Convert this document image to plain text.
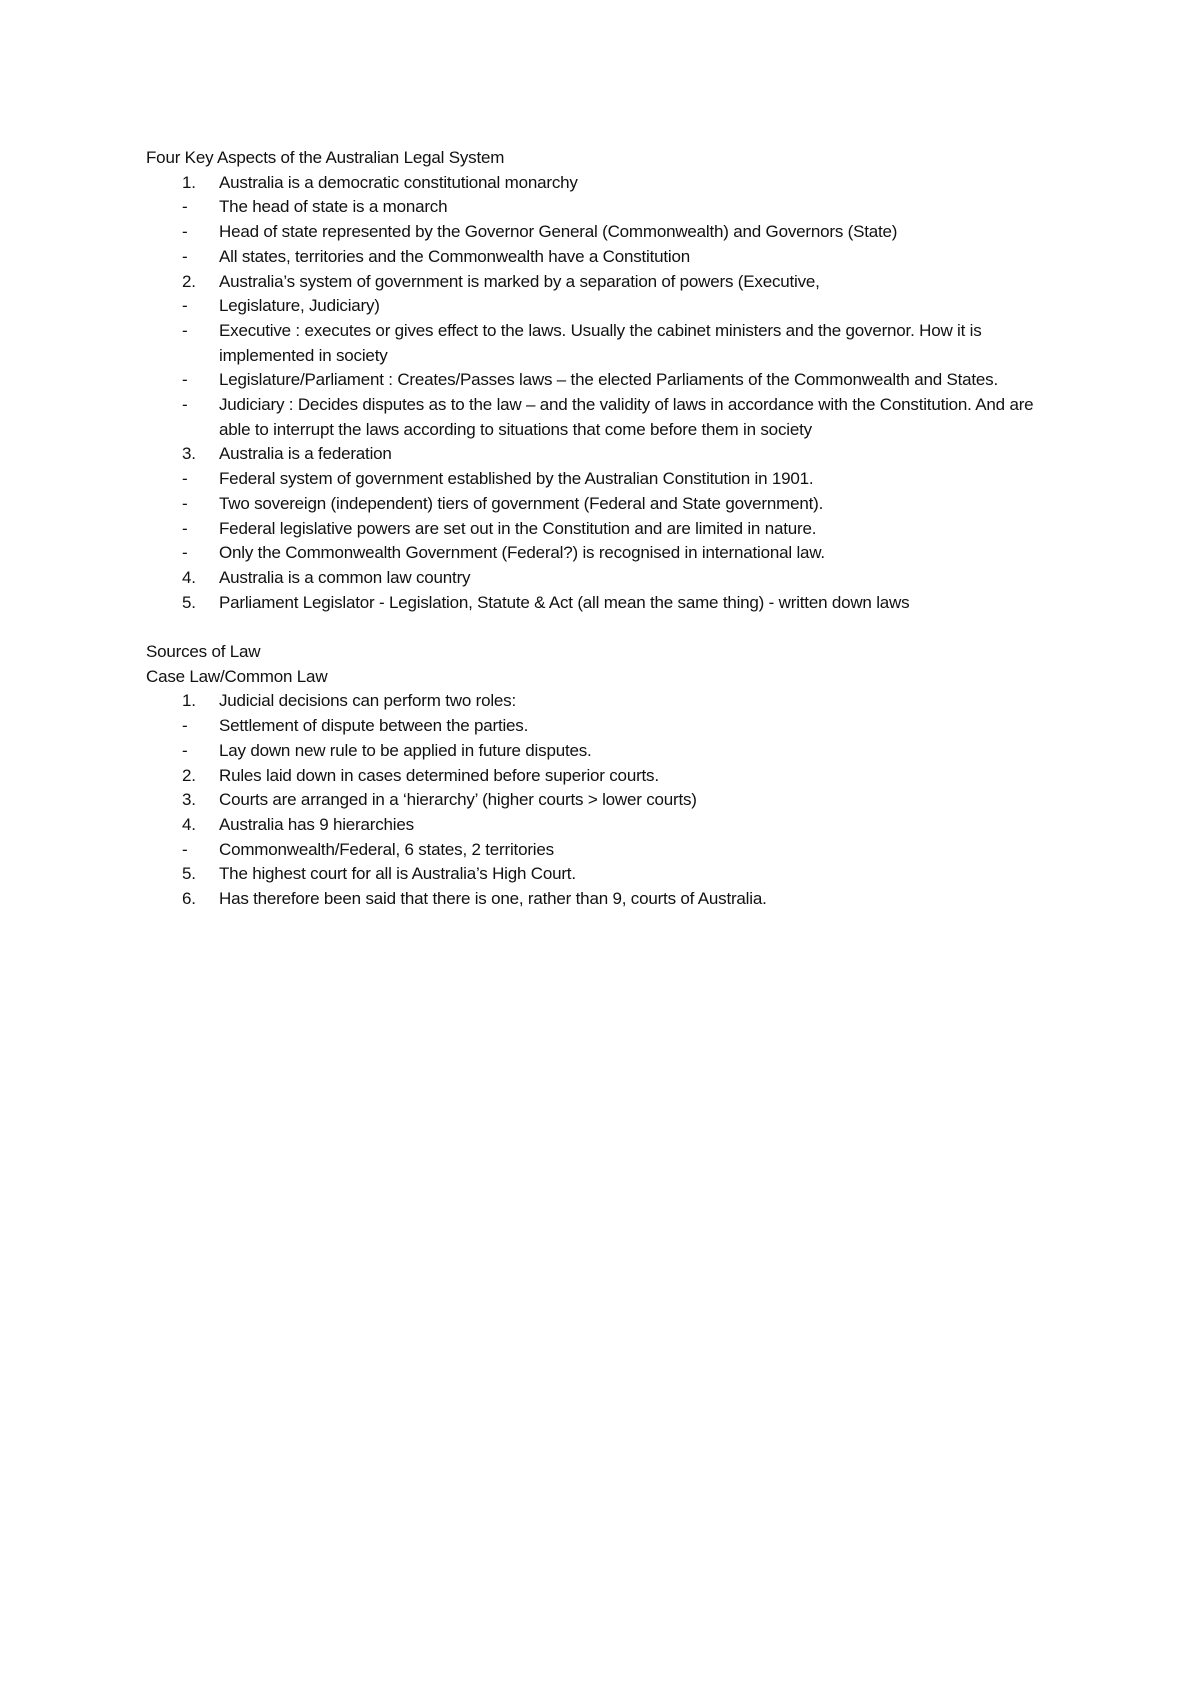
Four Key Aspects of the Australian Legal System
1.	Australia is a democratic constitutional monarchy
-	The head of state is a monarch
-	Head of state represented by the Governor General (Commonwealth) and Governors (State)
-	All states, territories and the Commonwealth have a Constitution
2.	Australia’s system of government is marked by a separation of powers (Executive,
-	Legislature, Judiciary)
-	Executive : executes or gives effect to the laws. Usually the cabinet ministers and the governor. How it is implemented in society
-	Legislature/Parliament : Creates/Passes laws – the elected Parliaments of the Commonwealth and States.
-	Judiciary : Decides disputes as to the law – and the validity of laws in accordance with the Constitution. And are able to interrupt the laws according to situations that come before them in society
3.	Australia is a federation
-	Federal system of government established by the Australian Constitution in 1901.
-	Two sovereign (independent) tiers of government (Federal and State government).
-	Federal legislative powers are set out in the Constitution and are limited in nature.
-	Only the Commonwealth Government (Federal?) is recognised in international law.
4.	Australia is a common law country
5.	Parliament Legislator - Legislation, Statute & Act (all mean the same thing) - written down laws
Sources of Law
Case Law/Common Law
1.	Judicial decisions can perform two roles:
-	Settlement of dispute between the parties.
-	Lay down new rule to be applied in future disputes.
2.	Rules laid down in cases determined before superior courts.
3.	Courts are arranged in a ‘hierarchy’ (higher courts > lower courts)
4.	Australia has 9 hierarchies
-	Commonwealth/Federal, 6 states, 2 territories
5.	The highest court for all is Australia’s High Court.
6.	Has therefore been said that there is one, rather than 9, courts of Australia.
